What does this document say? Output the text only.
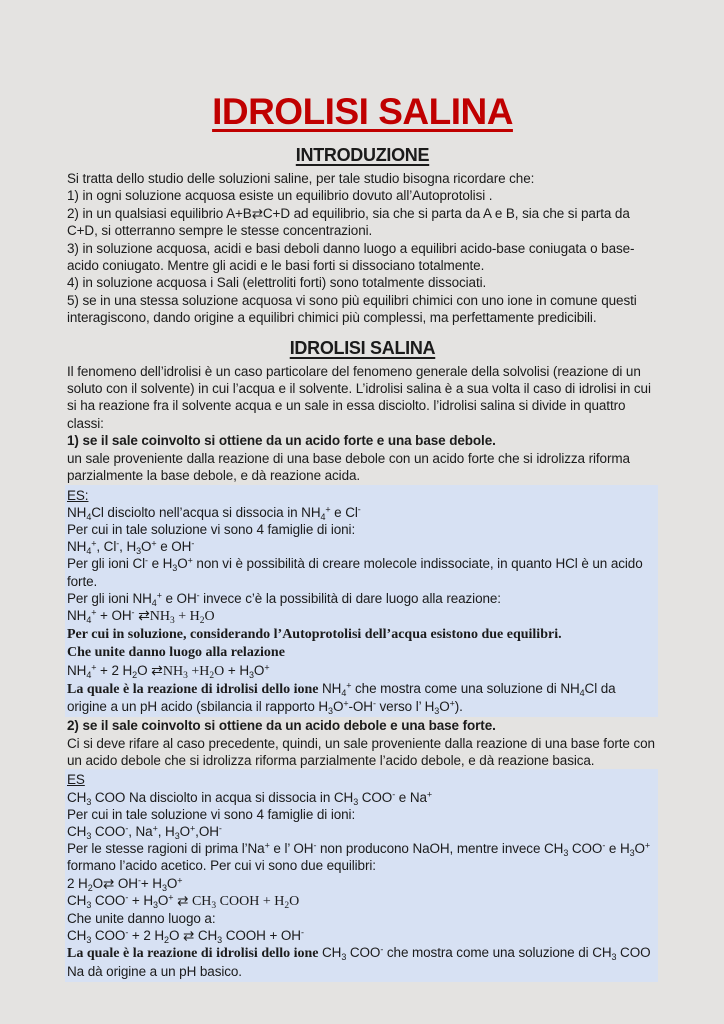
IDROLISI SALINA
INTRODUZIONE

Si tratta dello studio delle soluzioni saline, per tale studio bisogna ricordare che:

1) in ogni soluzione acquosa esiste un equilibrio dovuto all’Autoprotolisi .

2) in un qualsiasi equilibrio A+B⇄C+D ad equilibrio, sia che si parta da A e B, sia che si parta da C+D, si otterranno sempre le stesse concentrazioni.

3) in soluzione acquosa, acidi e basi deboli danno luogo a equilibri acido-base coniugata o base-acido coniugato. Mentre gli acidi e le basi forti si dissociano totalmente.

4) in soluzione acquosa i Sali (elettroliti forti) sono totalmente dissociati.

5) se in una stessa soluzione acquosa vi sono più equilibri chimici con uno ione in comune questi interagiscono, dando origine a equilibri chimici più complessi, ma perfettamente predicibili.

IDROLISI SALINA

Il fenomeno dell’idrolisi è un caso particolare del fenomeno generale della solvolisi (reazione di un soluto con il solvente) in cui l’acqua e il solvente. L’idrolisi salina è a sua volta il caso di idrolisi in cui si ha reazione fra il solvente acqua e un sale in essa disciolto. l’idrolisi salina si divide in quattro classi:

1) se il sale coinvolto si ottiene da un acido forte e una base debole.

un sale proveniente dalla reazione di una base debole con un acido forte che si idrolizza riforma parzialmente la base debole, e dà reazione acida.

ES:

$NH_4Cl$ disciolto nell’acqua si dissocia in $NH_4^+$ e Cl-

Per cui in tale soluzione vi sono 4 famiglie di ioni:

$NH_4^+$, Cl-, $H_3O^+$ e OH-

Per gli ioni Cl- e $H_3O^+$ non vi è possibilità di creare molecole indissociate, in quanto HCl è un acido forte.

Per gli ioni $NH_4^+$ e OH- invece c’è la possibilità di dare luogo alla reazione:

$NH_4^+ + OH^-$ $⇄NH_3 + H_2O$

Per cui in soluzione, considerando l’Autoprotolisi dell’acqua esistono due equilibri.

Che unite danno luogo alla relazione

$NH_4^+ + 2$ $H_2O$ $⇄NH_3 +H_2O + H_3O^+$

La quale è la reazione di idrolisi dello ione $NH_4^+$ che mostra come una soluzione di $NH_4Cl$ da origine a un pH acido (sbilancia il rapporto $H_3O^+-OH^-$ verso l’ $H_3O^+$).

2) se il sale coinvolto si ottiene da un acido debole e una base forte.

Ci si deve rifare al caso precedente, quindi, un sale proveniente dalla reazione di una base forte con un acido debole che si idrolizza riforma parzialmente l’acido debole, e dà reazione basica.

ES

$CH_3$ COO Na disciolto in acqua si dissocia in $CH_3$ COO- e Na+

Per cui in tale soluzione vi sono 4 famiglie di ioni:

$CH_3$ COO-, Na+, $H_3O^+,OH^-$

Per le stesse ragioni di prima l’Na+ e l’ OH- non producono NaOH, mentre invece $CH_3$ COO- e $H_3O^+$ formano l’acido acetico. Per cui vi sono due equilibri:

2 $H_2O⇄$ $OH^-+ H_3O^+$

$CH_3$ $COO^- + H_3O^+$ ⇄ $CH_3$ COOH + $H_2O$

Che unite danno luogo a:

$CH_3$ COO- + 2 $H_2O$ ⇄ $CH_3$ COOH + OH-

La quale è la reazione di idrolisi dello ione $CH_3$ COO- che mostra come una soluzione di $CH_3$ COO Na dà origine a un pH basico.
